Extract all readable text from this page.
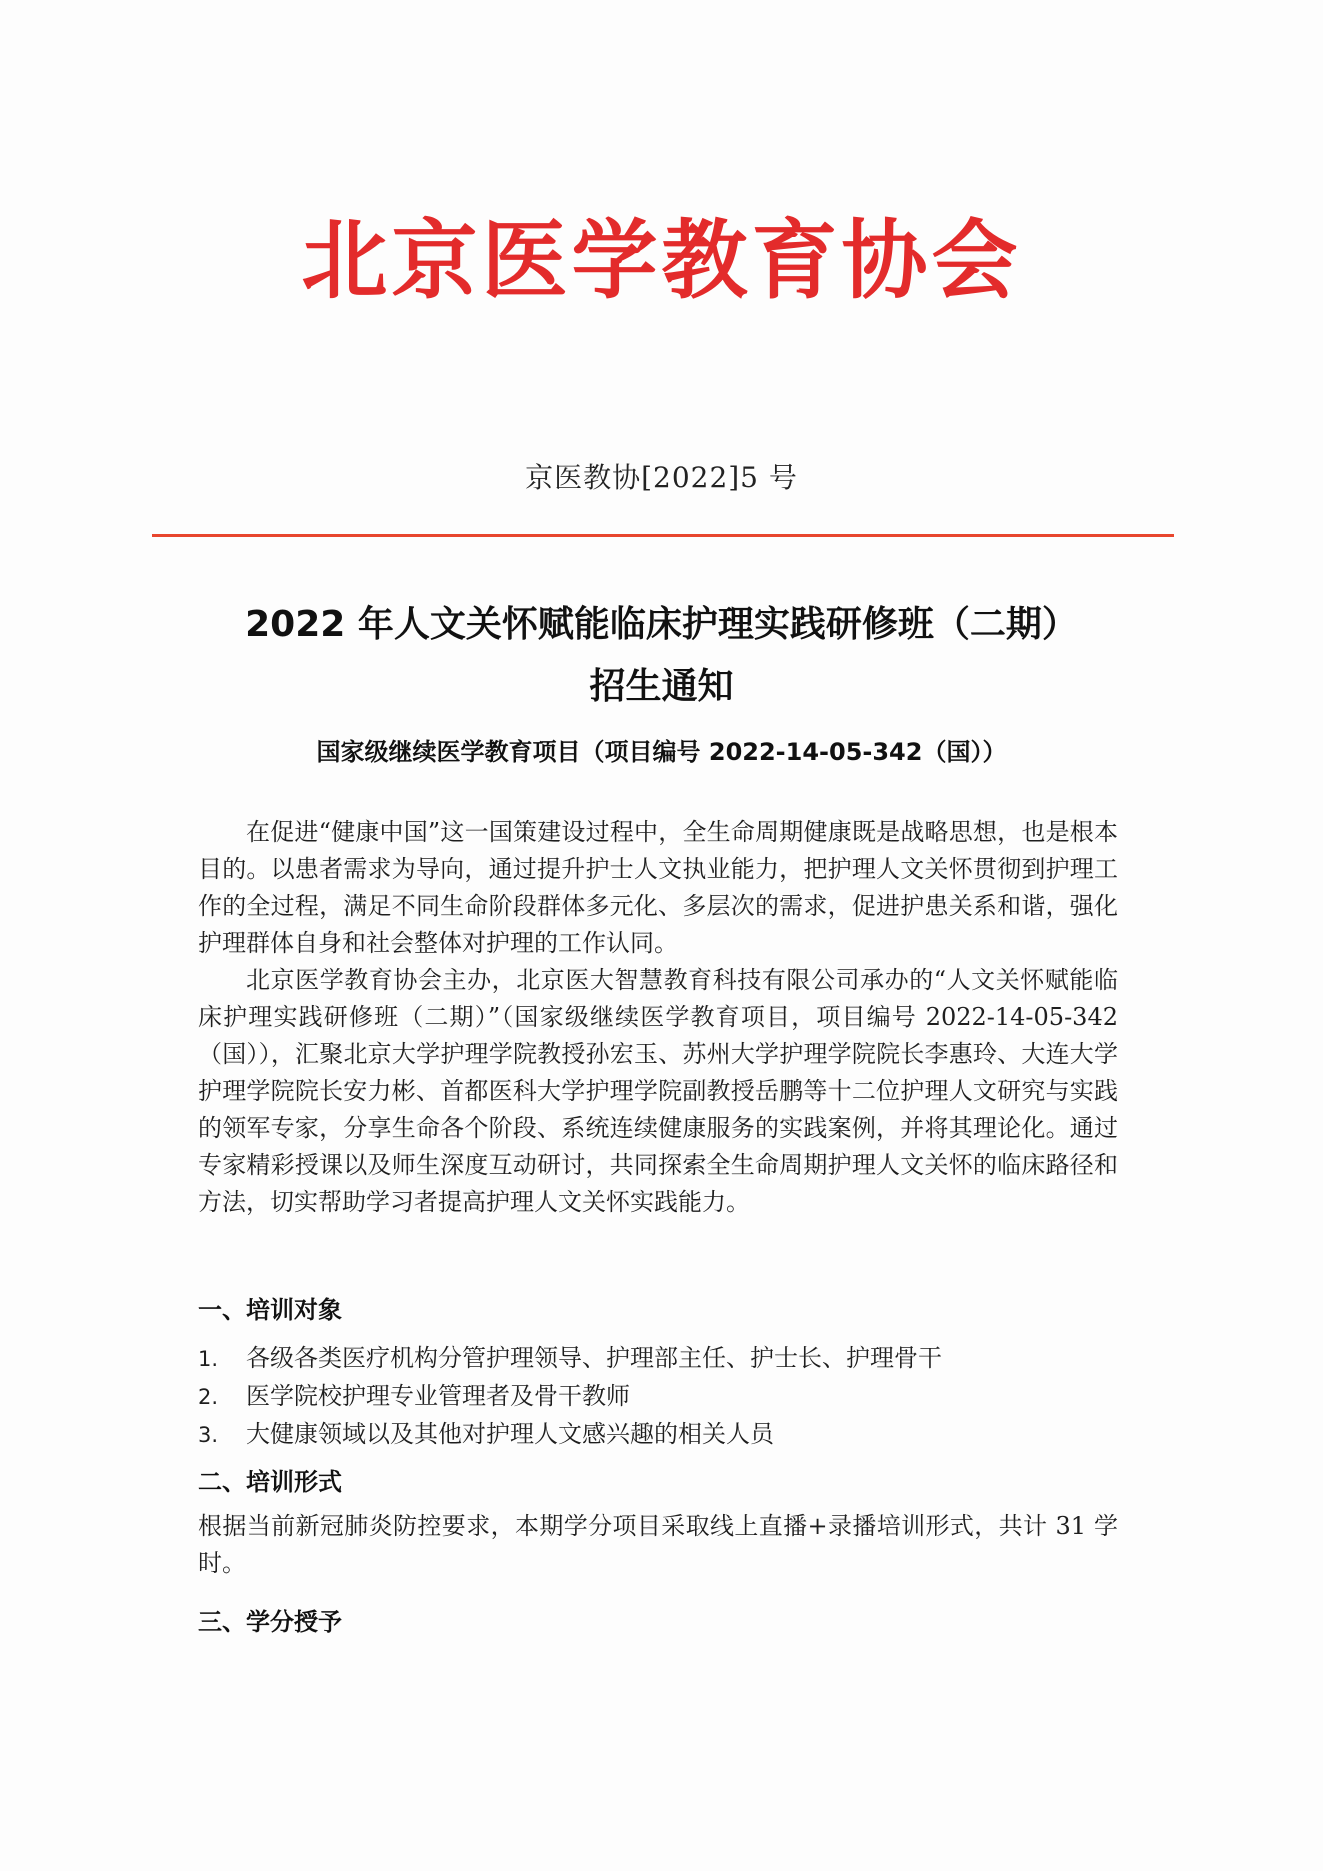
北京医学教育协会
京医教协[2022]5 号
2022 年人文关怀赋能临床护理实践研修班（二期）
招生通知
国家级继续医学教育项目（项目编号 2022-14-05-342（国））
在促进“健康中国”这一国策建设过程中，全生命周期健康既是战略思想，也是根本目的。以患者需求为导向，通过提升护士人文执业能力，把护理人文关怀贯彻到护理工作的全过程，满足不同生命阶段群体多元化、多层次的需求，促进护患关系和谐，强化护理群体自身和社会整体对护理的工作认同。
北京医学教育协会主办，北京医大智慧教育科技有限公司承办的“人文关怀赋能临床护理实践研修班（二期）”（国家级继续医学教育项目，项目编号 2022-14-05-342（国）），汇聚北京大学护理学院教授孙宏玉、苏州大学护理学院院长李惠玲、大连大学护理学院院长安力彬、首都医科大学护理学院副教授岳鹏等十二位护理人文研究与实践的领军专家，分享生命各个阶段、系统连续健康服务的实践案例，并将其理论化。通过专家精彩授课以及师生深度互动研讨，共同探索全生命周期护理人文关怀的临床路径和方法，切实帮助学习者提高护理人文关怀实践能力。
一、培训对象
1. 各级各类医疗机构分管护理领导、护理部主任、护士长、护理骨干
2. 医学院校护理专业管理者及骨干教师
3. 大健康领域以及其他对护理人文感兴趣的相关人员
二、培训形式
根据当前新冠肺炎防控要求，本期学分项目采取线上直播+录播培训形式，共计 31 学时。
三、学分授予
